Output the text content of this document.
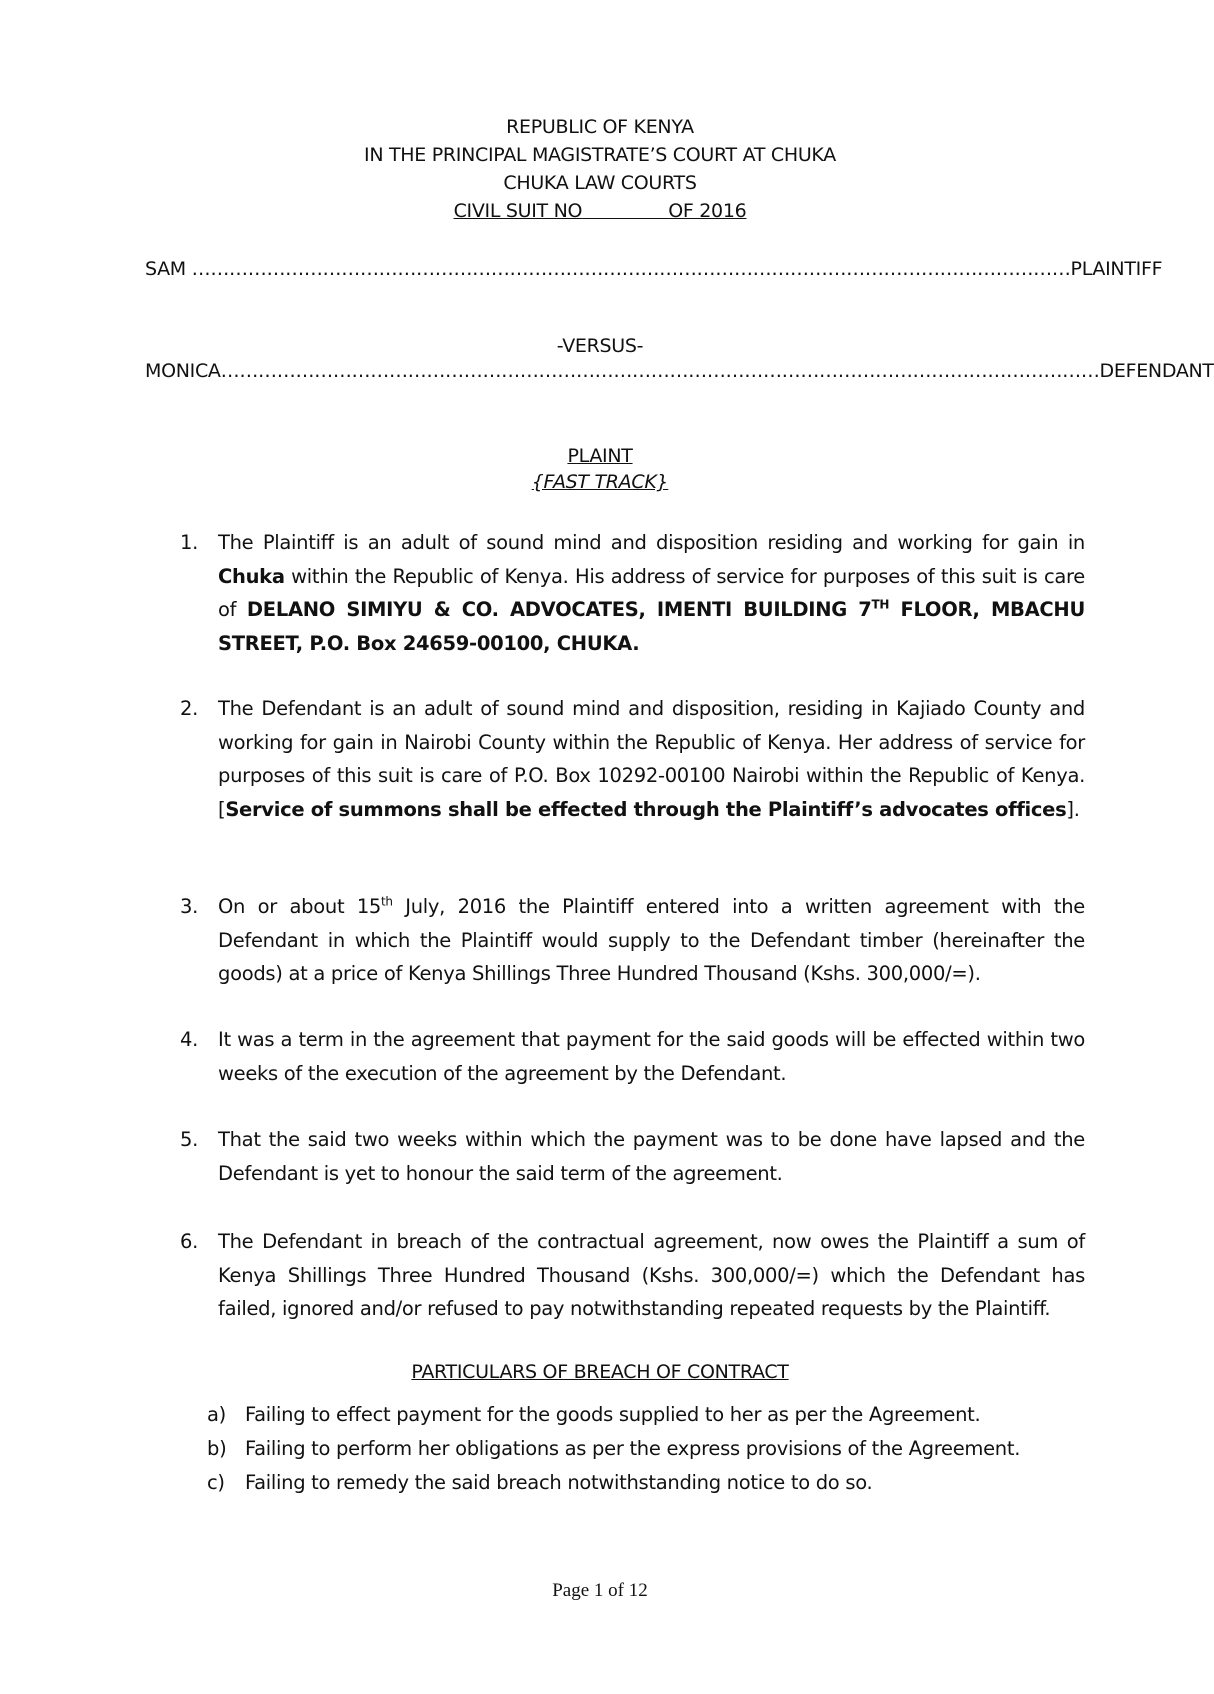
REPUBLIC OF KENYA
IN THE PRINCIPAL MAGISTRATE’S COURT AT CHUKA
CHUKA LAW COURTS
CIVIL SUIT NO	OF 2016
SAM …………………………………………………………………………………………………………………………… PLAINTIFF
-VERSUS-
MONICA …………………………………………………………………………………………………………………………… DEFENDANT
PLAINT
{FAST TRACK}
1. The Plaintiff is an adult of sound mind and disposition residing and working for gain in Chuka within the Republic of Kenya. His address of service for purposes of this suit is care of DELANO SIMIYU & CO. ADVOCATES, IMENTI BUILDING 7TH FLOOR, MBACHU STREET, P.O. Box 24659-00100, CHUKA.
2. The Defendant is an adult of sound mind and disposition, residing in Kajiado County and working for gain in Nairobi County within the Republic of Kenya. Her address of service for purposes of this suit is care of P.O. Box 10292-00100 Nairobi within the Republic of Kenya. [Service of summons shall be effected through the Plaintiff’s advocates offices].
3. On or about 15th July, 2016 the Plaintiff entered into a written agreement with the Defendant in which the Plaintiff would supply to the Defendant timber (hereinafter the goods) at a price of Kenya Shillings Three Hundred Thousand (Kshs. 300,000/=).
4. It was a term in the agreement that payment for the said goods will be effected within two weeks of the execution of the agreement by the Defendant.
5. That the said two weeks within which the payment was to be done have lapsed and the Defendant is yet to honour the said term of the agreement.
6. The Defendant in breach of the contractual agreement, now owes the Plaintiff a sum of Kenya Shillings Three Hundred Thousand (Kshs. 300,000/=) which the Defendant has failed, ignored and/or refused to pay notwithstanding repeated requests by the Plaintiff.
PARTICULARS OF BREACH OF CONTRACT
a) Failing to effect payment for the goods supplied to her as per the Agreement.
b) Failing to perform her obligations as per the express provisions of the Agreement.
c) Failing to remedy the said breach notwithstanding notice to do so.
Page 1 of 12
